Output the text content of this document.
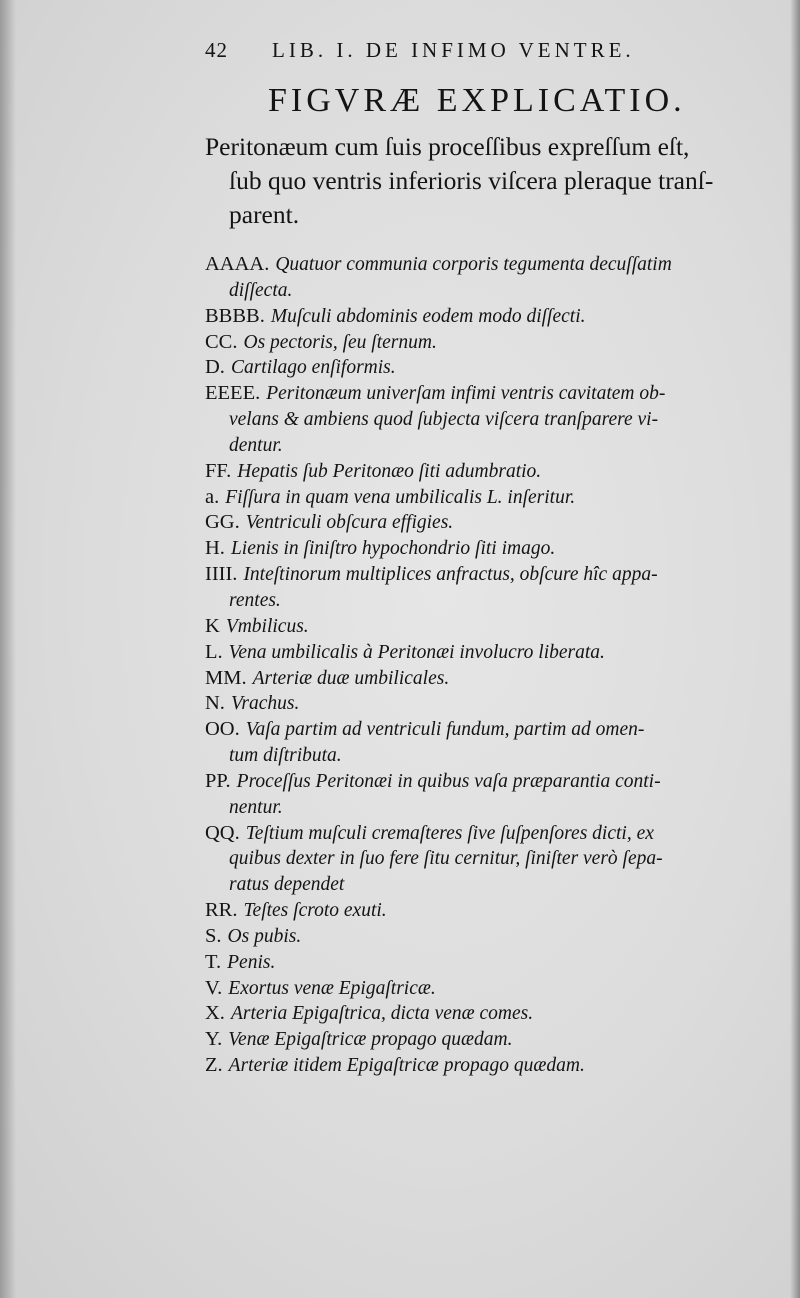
42 LIB. I. DE INFIMO VENTRE.
FIGVRÆ EXPLICATIO.
Peritonæum cum ſuis proceſſibus expreſſum eſt,
ſub quo ventris inferioris viſcera pleraque tranſ-
parent.
AAAA. Quatuor communia corporis tegumenta decuſſatim
diſſecta.
BBBB. Muſculi abdominis eodem modo diſſecti.
CC. Os pectoris, ſeu ſternum.
D. Cartilago enſiformis.
EEEE. Peritonæum univerſam infimi ventris cavitatem ob-
velans & ambiens quod ſubjecta viſcera tranſparere vi-
dentur.
FF. Hepatis ſub Peritonæo ſiti adumbratio.
a. Fiſſura in quam vena umbilicalis L. inſeritur.
GG. Ventriculi obſcura effigies.
H. Lienis in ſiniſtro hypochondrio ſiti imago.
IIII. Inteſtinorum multiplices anfractus, obſcure hîc appa-
rentes.
K Vmbilicus.
L. Vena umbilicalis à Peritonæi involucro liberata.
MM. Arteriæ duæ umbilicales.
N. Vrachus.
OO. Vaſa partim ad ventriculi fundum, partim ad omen-
tum diſtributa.
PP. Proceſſus Peritonæi in quibus vaſa præparantia conti-
nentur.
QQ. Teſtium muſculi cremaſteres ſive ſuſpenſores dicti, ex
quibus dexter in ſuo fere ſitu cernitur, ſiniſter verò ſepa-
ratus dependet
RR. Teſtes ſcroto exuti.
S. Os pubis.
T. Penis.
V. Exortus venæ Epigaſtricæ.
X. Arteria Epigaſtrica, dicta venæ comes.
Y. Venæ Epigaſtricæ propago quædam.
Z. Arteriæ itidem Epigaſtricæ propago quædam.
